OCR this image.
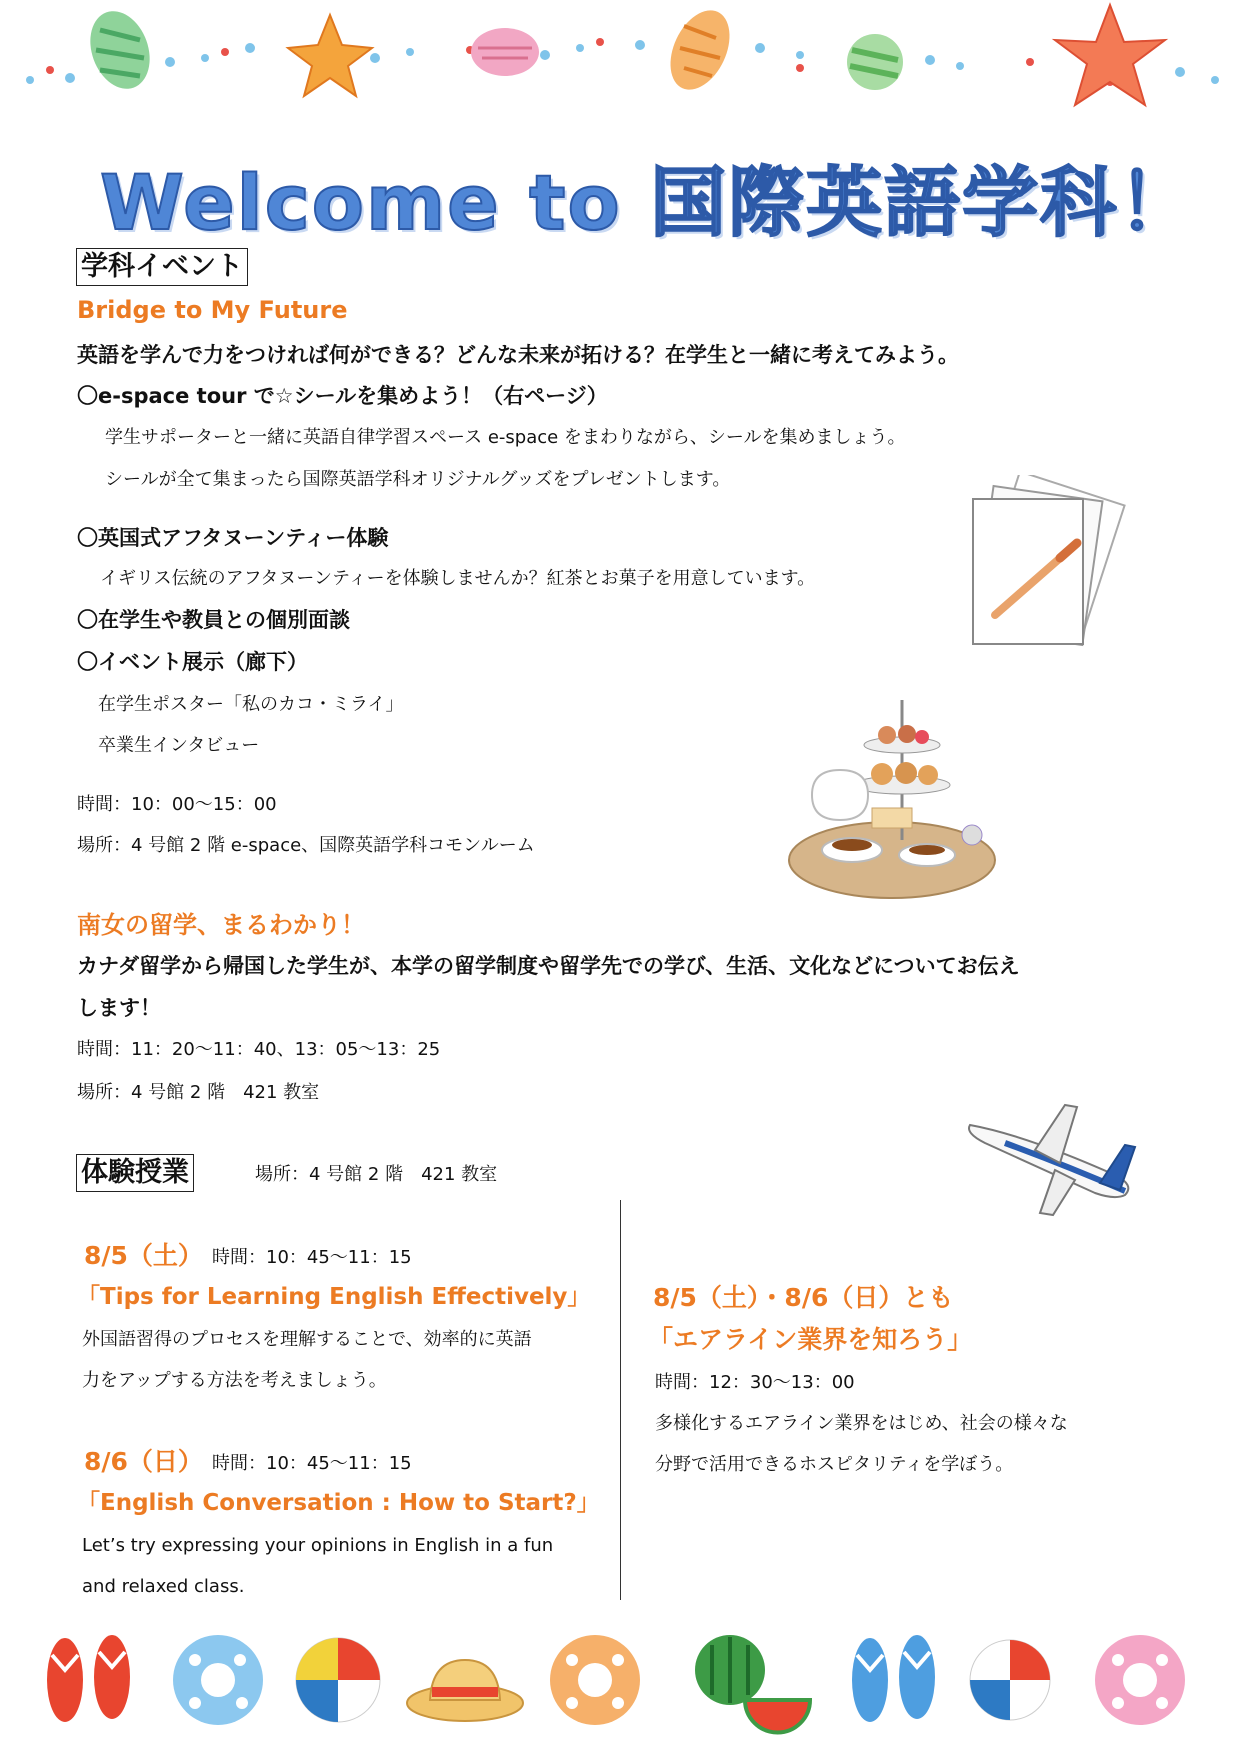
Welcome to 国際英語学科！
学科イベント
Bridge to My Future
英語を学んで力をつければ何ができる？どんな未来が拓ける？在学生と一緒に考えてみよう。
〇e-space tour で☆シールを集めよう！（右ページ）
学生サポーターと一緒に英語自律学習スペース e-space をまわりながら、シールを集めましょう。
シールが全て集まったら国際英語学科オリジナルグッズをプレゼントします。
〇英国式アフタヌーンティー体験
イギリス伝統のアフタヌーンティーを体験しませんか？紅茶とお菓子を用意しています。
〇在学生や教員との個別面談
〇イベント展示（廊下）
在学生ポスター「私のカコ・ミライ」
卒業生インタビュー
時間：10：00～15：00
場所：4 号館 2 階 e-space、国際英語学科コモンルーム
南女の留学、まるわかり！
カナダ留学から帰国した学生が、本学の留学制度や留学先での学び、生活、文化などについてお伝え
します！
時間：11：20～11：40、13：05～13：25
場所：4 号館 2 階　421 教室
体験授業	場所：4 号館 2 階　421 教室
8/5（土） 時間：10：45～11：15
「Tips for Learning English Effectively」
外国語習得のプロセスを理解することで、効率的に英語
力をアップする方法を考えましょう。
8/6（日） 時間：10：45～11：15
「English Conversation : How to Start?」
Let’s try expressing your opinions in English in a fun
and relaxed class.
8/5（土）・8/6（日）とも
「エアライン業界を知ろう」
時間：12：30～13：00
多様化するエアライン業界をはじめ、社会の様々な
分野で活用できるホスピタリティを学ぼう。
